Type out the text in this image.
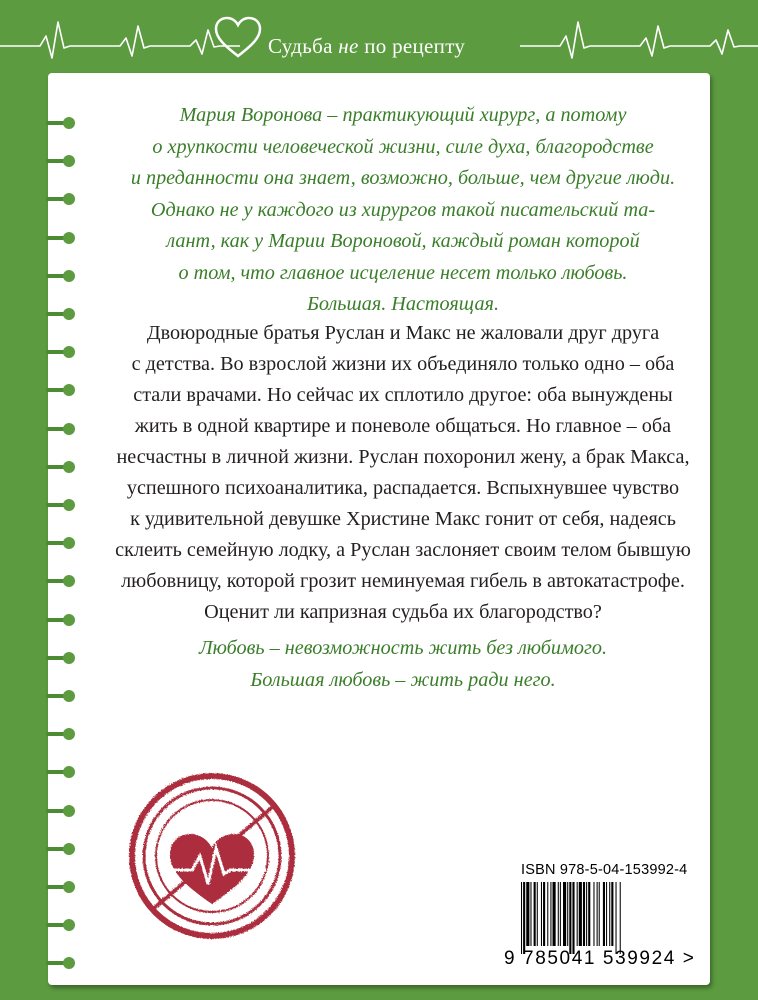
Судьба не по рецепту

Мария Воронова – практикующий хирург, а потому

о хрупкости человеческой жизни, силе духа, благородстве

и преданности она знает, возможно, больше, чем другие люди.

Однако не у каждого из хирургов такой писательский та-

лант, как у Марии Вороновой, каждый роман которой

о том, что главное исцеление несет только любовь.

Большая. Настоящая.

Двоюродные братья Руслан и Макс не жаловали друг друга

с детства. Во взрослой жизни их объединяло только одно – оба

стали врачами. Но сейчас их сплотило другое: оба вынуждены

жить в одной квартире и поневоле общаться. Но главное – оба

несчастны в личной жизни. Руслан похоронил жену, а брак Макса,

успешного психоаналитика, распадается. Вспыхнувшее чувство

к удивительной девушке Христине Макс гонит от себя, надеясь

склеить семейную лодку, а Руслан заслоняет своим телом бывшую

любовницу, которой грозит неминуемая гибель в автокатастрофе.

Оценит ли капризная судьба их благородство?

Любовь – невозможность жить без любимого.

Большая любовь – жить ради него.

ISBN 978-5-04-153992-4
9 785041 539924 >
